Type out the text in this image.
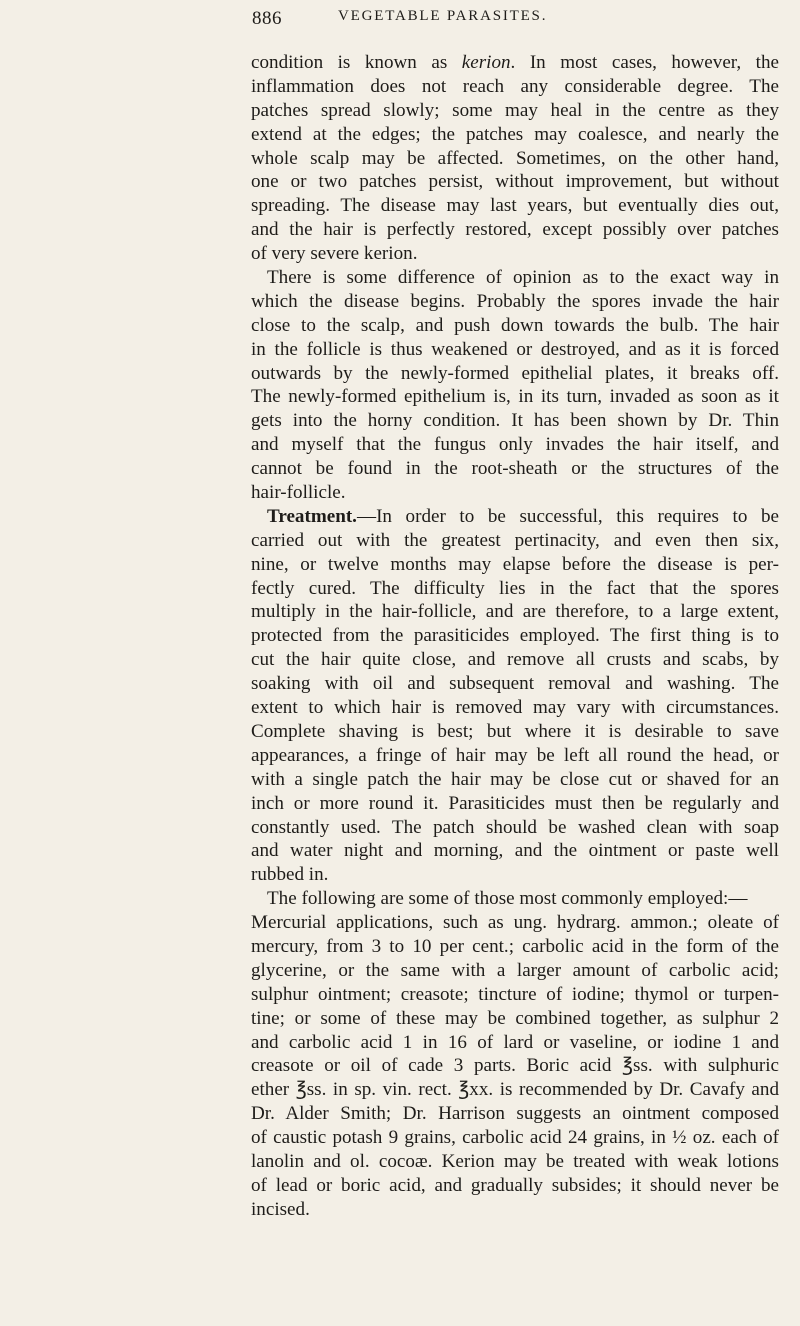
886	VEGETABLE PARASITES.
condition is known as kerion. In most cases, however, the
inflammation does not reach any considerable degree. The
patches spread slowly; some may heal in the centre as they
extend at the edges; the patches may coalesce, and nearly the
whole scalp may be affected. Sometimes, on the other hand,
one or two patches persist, without improvement, but without
spreading. The disease may last years, but eventually dies out,
and the hair is perfectly restored, except possibly over patches
of very severe kerion.
There is some difference of opinion as to the exact way in
which the disease begins. Probably the spores invade the hair
close to the scalp, and push down towards the bulb. The hair
in the follicle is thus weakened or destroyed, and as it is forced
outwards by the newly-formed epithelial plates, it breaks off.
The newly-formed epithelium is, in its turn, invaded as soon as it
gets into the horny condition. It has been shown by Dr. Thin
and myself that the fungus only invades the hair itself, and
cannot be found in the root-sheath or the structures of the
hair-follicle.
Treatment.—In order to be successful, this requires to be
carried out with the greatest pertinacity, and even then six,
nine, or twelve months may elapse before the disease is per-
fectly cured. The difficulty lies in the fact that the spores
multiply in the hair-follicle, and are therefore, to a large extent,
protected from the parasiticides employed. The first thing is to
cut the hair quite close, and remove all crusts and scabs, by
soaking with oil and subsequent removal and washing. The
extent to which hair is removed may vary with circumstances.
Complete shaving is best; but where it is desirable to save
appearances, a fringe of hair may be left all round the head, or
with a single patch the hair may be close cut or shaved for an
inch or more round it. Parasiticides must then be regularly and
constantly used. The patch should be washed clean with soap
and water night and morning, and the ointment or paste well
rubbed in.
The following are some of those most commonly employed:—
Mercurial applications, such as ung. hydrarg. ammon.; oleate of
mercury, from 3 to 10 per cent.; carbolic acid in the form of the
glycerine, or the same with a larger amount of carbolic acid;
sulphur ointment; creasote; tincture of iodine; thymol or turpen-
tine; or some of these may be combined together, as sulphur 2
and carbolic acid 1 in 16 of lard or vaseline, or iodine 1 and
creasote or oil of cade 3 parts. Boric acid ℥ss. with sulphuric
ether ℥ss. in sp. vin. rect. ℥xx. is recommended by Dr. Cavafy and
Dr. Alder Smith; Dr. Harrison suggests an ointment composed
of caustic potash 9 grains, carbolic acid 24 grains, in ½ oz. each of
lanolin and ol. cocoæ. Kerion may be treated with weak lotions
of lead or boric acid, and gradually subsides; it should never be
incised.
